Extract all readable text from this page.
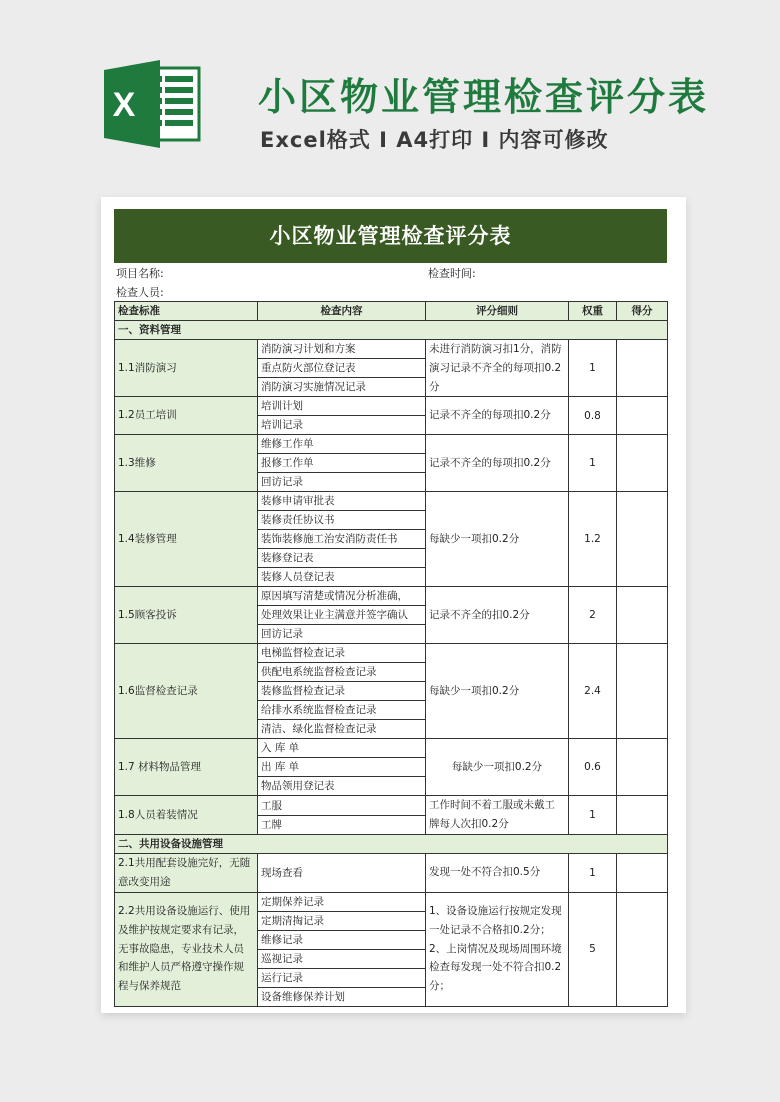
X	小区物业管理检查评分表
Excel格式 I A4打印 I 内容可修改
小区物业管理检查评分表
项目名称:	检查时间:
检查人员:
检查标准	检查内容	评分细则	权重	得分
一、资料管理				
1.1消防演习	消防演习计划和方案	未进行消防演习扣1分，消防演习记录不齐全的每项扣0.2分	1	
	重点防火部位登记表			
	消防演习实施情况记录			
1.2员工培训	培训计划	记录不齐全的每项扣0.2分	0.8	
	培训记录			
1.3维修	维修工作单	记录不齐全的每项扣0.2分	1	
	报修工作单			
	回访记录			
1.4装修管理	装修申请审批表	每缺少一项扣0.2分	1.2	
	装修责任协议书			
	装饰装修施工治安消防责任书			
	装修登记表			
	装修人员登记表			
1.5顾客投诉	原因填写清楚或情况分析准确，	记录不齐全的扣0.2分	2	
	处理效果让业主满意并签字确认			
	回访记录			
1.6监督检查记录	电梯监督检查记录	每缺少一项扣0.2分	2.4	
	供配电系统监督检查记录			
	装修监督检查记录			
	给排水系统监督检查记录			
	清洁、绿化监督检查记录			
1.7 材料物品管理	入 库 单	每缺少一项扣0.2分	0.6	
	出 库 单			
	物品领用登记表			
1.8人员着装情况	工服	工作时间不着工服或未戴工牌每人次扣0.2分	1	
	工牌			
二、共用设备设施管理				
2.1共用配套设施完好，无随意改变用途	现场查看	发现一处不符合扣0.5分	1	
2.2共用设备设施运行、使用及维护按规定要求有记录，无事故隐患，专业技术人员和维护人员严格遵守操作规程与保养规范	定期保养记录	1、设备设施运行按规定发现一处记录不合格扣0.2分；2、上岗情况及现场周围环境检查每发现一处不符合扣0.2分；	5	
	定期清掏记录			
	维修记录			
	巡视记录			
	运行记录			
	设备维修保养计划			
